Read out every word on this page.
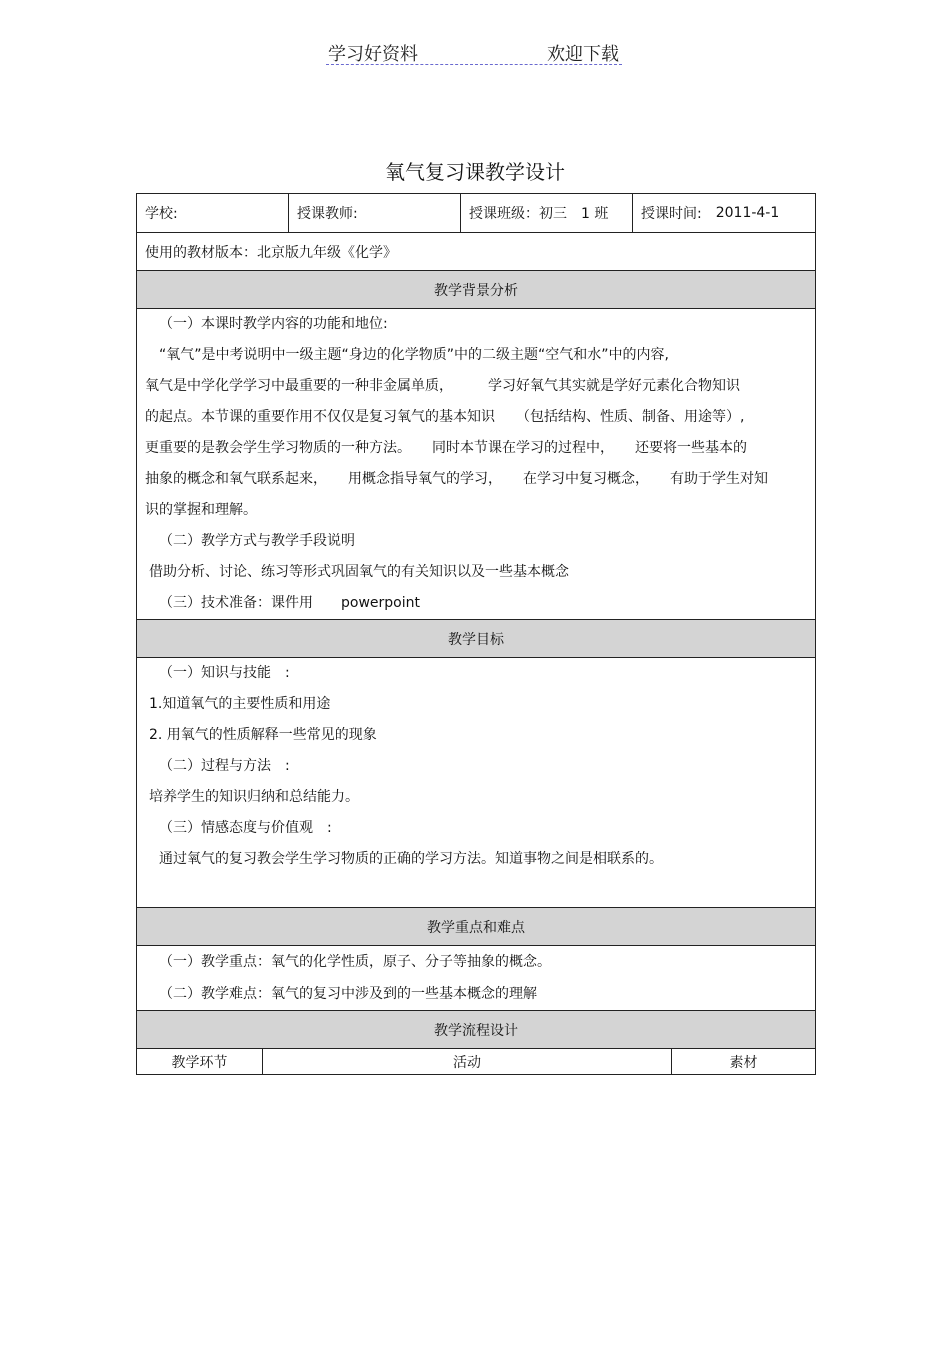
学习好资料	欢迎下载
氧气复习课教学设计
学校:	授课教师:	授课班级：初三　1 班 授课时间: 2011-4-1
使用的教材版本：北京版九年级《化学》
教学背景分析
（一）本课时教学内容的功能和地位:
“氧气”是中考说明中一级主题“身边的化学物质”中的二级主题“空气和水”中的内容,
氧气是中学化学学习中最重要的一种非金属单质，　　　学习好氧气其实就是学好元素化合物知识
的起点。本节课的重要作用不仅仅是复习氧气的基本知识　　（包括结构、性质、制备、用途等）,
更重要的是教会学生学习物质的一种方法。　　同时本节课在学习的过程中，　　还要将一些基本的
抽象的概念和氧气联系起来，　　用概念指导氧气的学习，　　在学习中复习概念，　　有助于学生对知
识的掌握和理解。
（二）教学方式与教学手段说明
借助分析、讨论、练习等形式巩固氧气的有关知识以及一些基本概念
（三）技术准备：课件用　　powerpoint
教学目标
（一）知识与技能　:
1.知道氧气的主要性质和用途
2. 用氧气的性质解释一些常见的现象
（二）过程与方法　:
培养学生的知识归纳和总结能力。
（三）情感态度与价值观　:
通过氧气的复习教会学生学习物质的正确的学习方法。知道事物之间是相联系的。
教学重点和难点
（一）教学重点：氧气的化学性质，原子、分子等抽象的概念。
（二）教学难点：氧气的复习中涉及到的一些基本概念的理解
教学流程设计
教学环节	活动	素材
